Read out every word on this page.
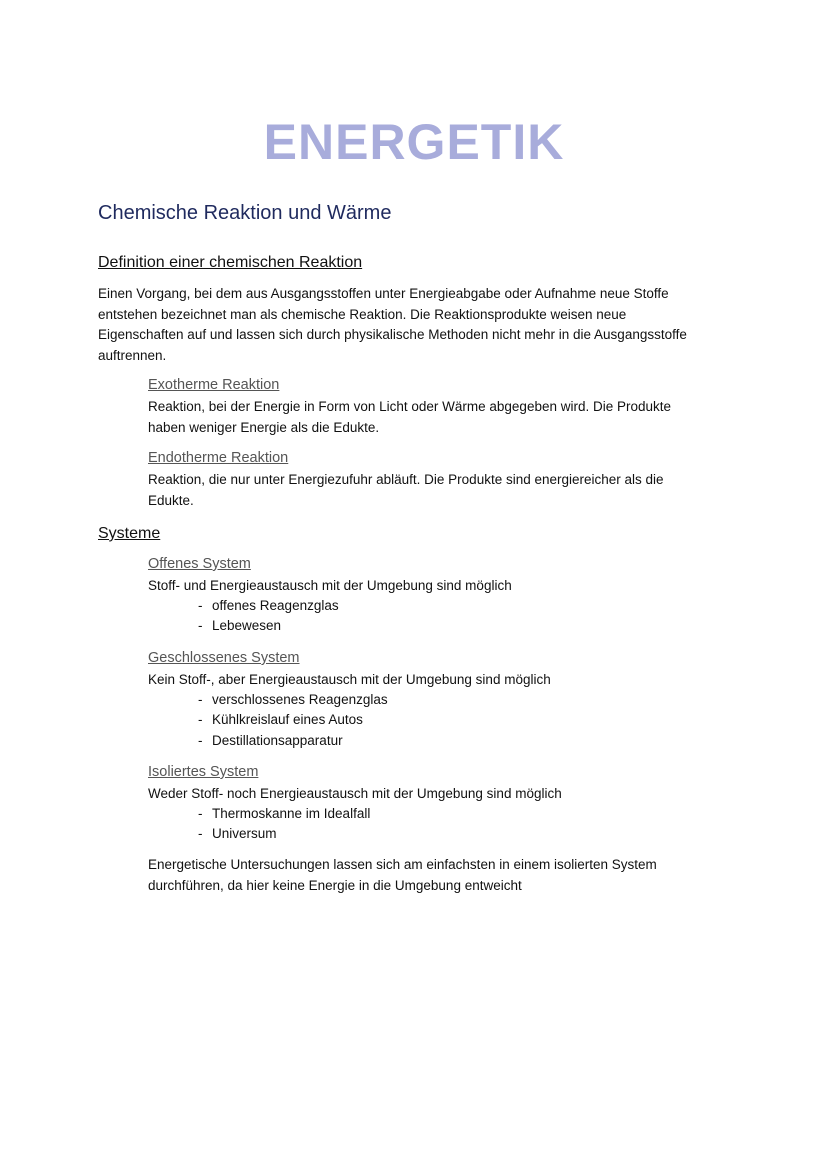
ENERGETIK
Chemische Reaktion und Wärme
Definition einer chemischen Reaktion

Einen Vorgang, bei dem aus Ausgangsstoffen unter Energieabgabe oder Aufnahme neue Stoffe

entstehen bezeichnet man als chemische Reaktion. Die Reaktionsprodukte weisen neue

Eigenschaften auf und lassen sich durch physikalische Methoden nicht mehr in die Ausgangsstoffe

auftrennen.

Exotherme Reaktion

Reaktion, bei der Energie in Form von Licht oder Wärme abgegeben wird. Die Produkte

haben weniger Energie als die Edukte.

Endotherme Reaktion

Reaktion, die nur unter Energiezufuhr abläuft. Die Produkte sind energiereicher als die

Edukte.

Systeme
Offenes System

Stoff- und Energieaustausch mit der Umgebung sind möglich

- offenes Reagenzglas
- Lebewesen
Geschlossenes System

Kein Stoff-, aber Energieaustausch mit der Umgebung sind möglich

- verschlossenes Reagenzglas
- Kühlkreislauf eines Autos
- Destillationsapparatur
Isoliertes System

Weder Stoff- noch Energieaustausch mit der Umgebung sind möglich

- Thermoskanne im Idealfall
- Universum

Energetische Untersuchungen lassen sich am einfachsten in einem isolierten System

durchführen, da hier keine Energie in die Umgebung entweicht
